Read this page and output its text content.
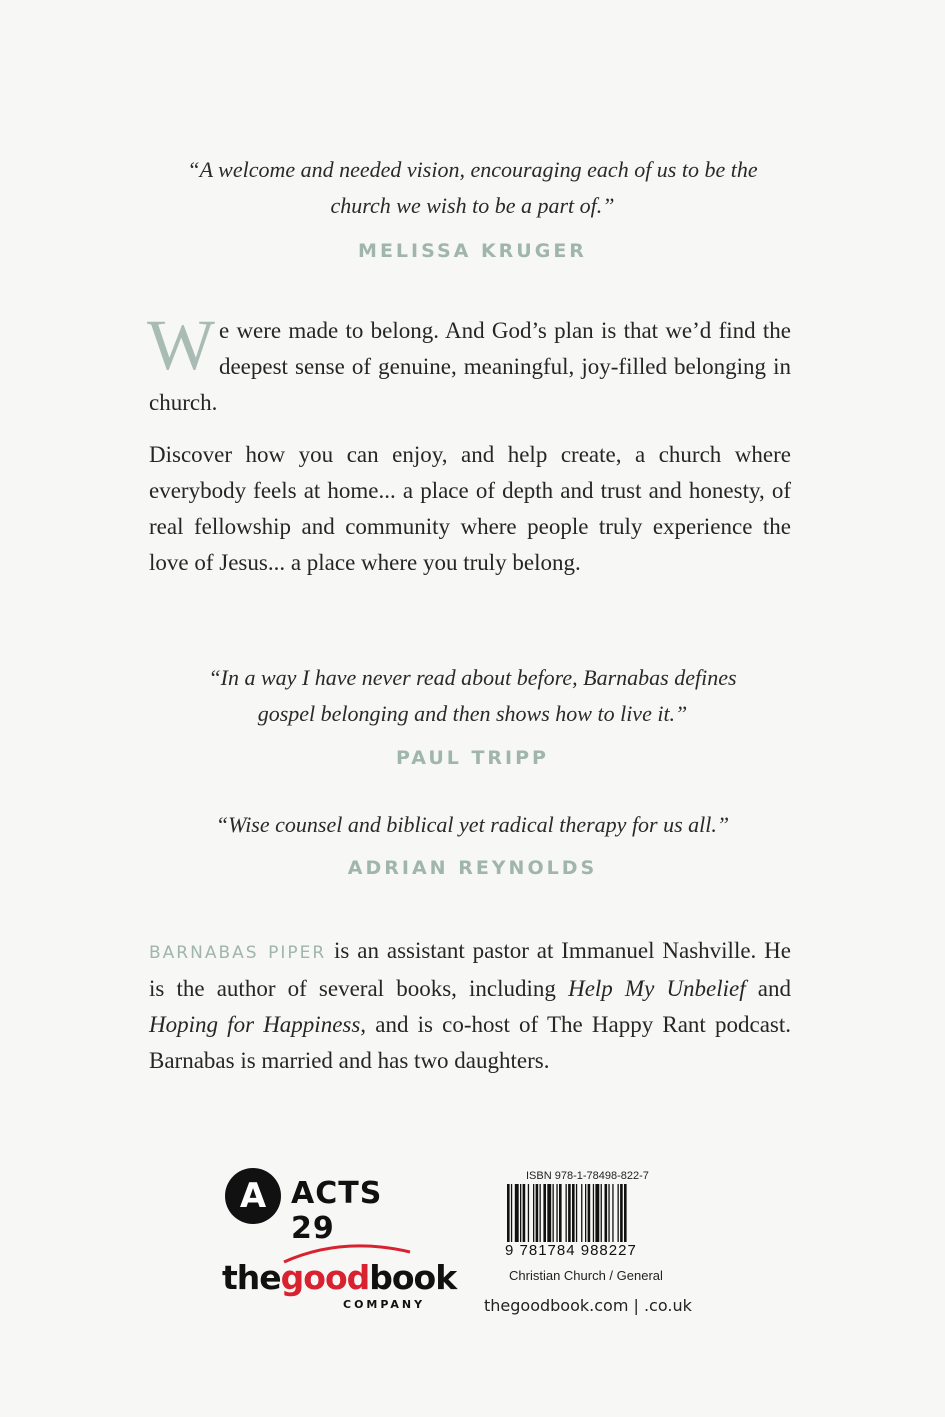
“A welcome and needed vision, encouraging each of us to be the
church we wish to be a part of.”
MELISSA KRUGER
We were made to belong. And God’s plan is that we’d find the deepest sense of genuine, meaningful, joy-filled belonging in church.
Discover how you can enjoy, and help create, a church where everybody feels at home... a place of depth and trust and honesty, of real fellowship and community where people truly experience the love of Jesus... a place where you truly belong.
“In a way I have never read about before, Barnabas defines
gospel belonging and then shows how to live it.”
PAUL TRIPP
“Wise counsel and biblical yet radical therapy for us all.”
ADRIAN REYNOLDS
BARNABAS PIPER is an assistant pastor at Immanuel Nashville. He is the author of several books, including Help My Unbelief and Hoping for Happiness, and is co-host of The Happy Rant podcast. Barnabas is married and has two daughters.
A ACTS 29
thegoodbook
COMPANY
ISBN 978-1-78498-822-7
9 781784 988227
Christian Church / General
thegoodbook.com | .co.uk
